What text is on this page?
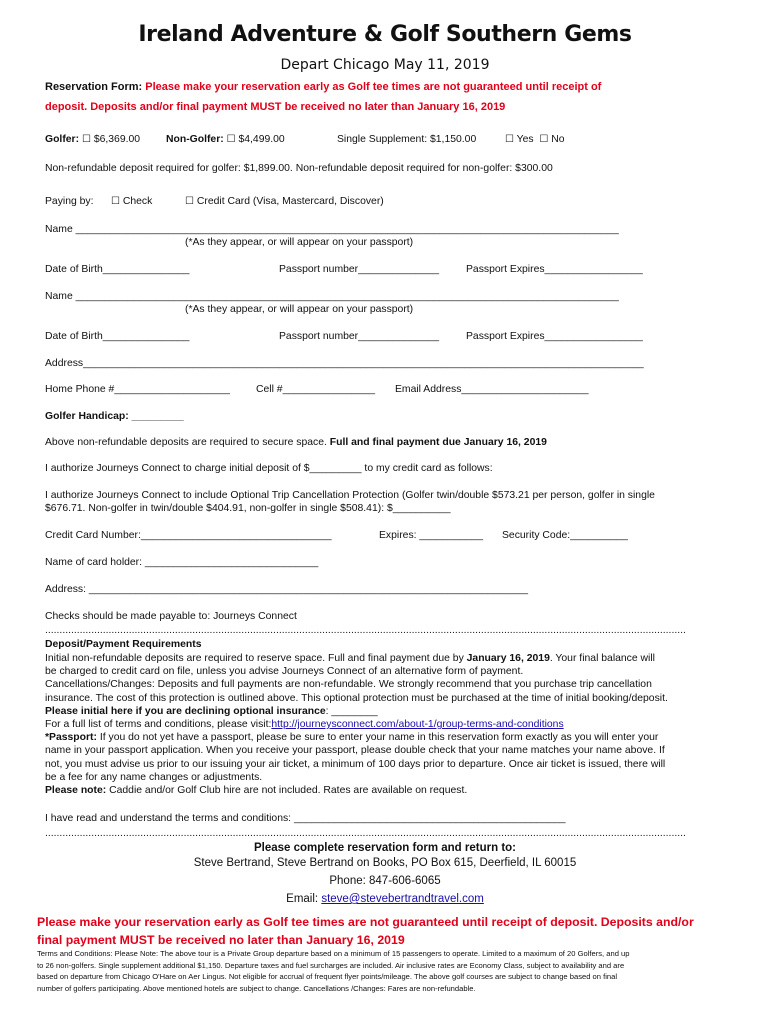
Ireland Adventure & Golf Southern Gems
Depart Chicago May 11, 2019
Reservation Form: Please make your reservation early as Golf tee times are not guaranteed until receipt of
deposit. Deposits and/or final payment MUST be received no later than January 16, 2019
Golfer: ☐ $6,369.00 Non-Golfer: ☐ $4,499.00	Single Supplement: $1,150.00	☐ Yes ☐ No
Non-refundable deposit required for golfer: $1,899.00. Non-refundable deposit required for non-golfer: $300.00
Paying by: ☐ Check	☐ Credit Card (Visa, Mastercard, Discover)
Name ______________________________________________________________________________________________
(*As they appear, or will appear on your passport)
Date of Birth_______________	Passport number______________	Passport Expires_________________
Name ______________________________________________________________________________________________
(*As they appear, or will appear on your passport)
Date of Birth_______________	Passport number______________	Passport Expires_________________
Address_________________________________________________________________________________________________
Home Phone #____________________	Cell #________________ Email Address______________________
Golfer Handicap: _________
Above non-refundable deposits are required to secure space. Full and final payment due January 16, 2019
I authorize Journeys Connect to charge initial deposit of $_________ to my credit card as follows:
I authorize Journeys Connect to include Optional Trip Cancellation Protection (Golfer twin/double $573.21 per person, golfer in single
$676.71. Non-golfer in twin/double $404.91, non-golfer in single $508.41): $__________
Credit Card Number:_________________________________	Expires: ___________ Security Code:__________
Name of card holder: ______________________________
Address: ____________________________________________________________________________
Checks should be made payable to: Journeys Connect
..............................................................................................................................................................................................................................
Deposit/Payment Requirements
Initial non-refundable deposits are required to reserve space. Full and final payment due by January 16, 2019. Your final balance will
be charged to credit card on file, unless you advise Journeys Connect of an alternative form of payment.
Cancellations/Changes: Deposits and full payments are non-refundable. We strongly recommend that you purchase trip cancellation
insurance. The cost of this protection is outlined above. This optional protection must be purchased at the time of initial booking/deposit.
Please initial here if you are declining optional insurance: ________
For a full list of terms and conditions, please visit:http://journeysconnect.com/about-1/group-terms-and-conditions
*Passport: If you do not yet have a passport, please be sure to enter your name in this reservation form exactly as you will enter your
name in your passport application. When you receive your passport, please double check that your name matches your name above. If
not, you must advise us prior to our issuing your air ticket, a minimum of 100 days prior to departure. Once air ticket is issued, there will
be a fee for any name changes or adjustments.
Please note: Caddie and/or Golf Club hire are not included. Rates are available on request.
I have read and understand the terms and conditions: _______________________________________________
..............................................................................................................................................................................................................................
Please complete reservation form and return to:
Steve Bertrand, Steve Bertrand on Books, PO Box 615, Deerfield, IL 60015
Phone: 847-606-6065
Email: steve@stevebertrandtravel.com
Please make your reservation early as Golf tee times are not guaranteed until receipt of deposit. Deposits and/or
final payment MUST be received no later than January 16, 2019
Terms and Conditions: Please Note: The above tour is a Private Group departure based on a minimum of 15 passengers to operate. Limited to a maximum of 20 Golfers, and up
to 26 non-golfers. Single supplement additional $1,150. Departure taxes and fuel surcharges are included. Air inclusive rates are Economy Class, subject to availability and are
based on departure from Chicago O'Hare on Aer Lingus. Not eligible for accrual of frequent flyer points/mileage. The above golf courses are subject to change based on final
number of golfers participating. Above mentioned hotels are subject to change. Cancellations /Changes: Fares are non-refundable.
